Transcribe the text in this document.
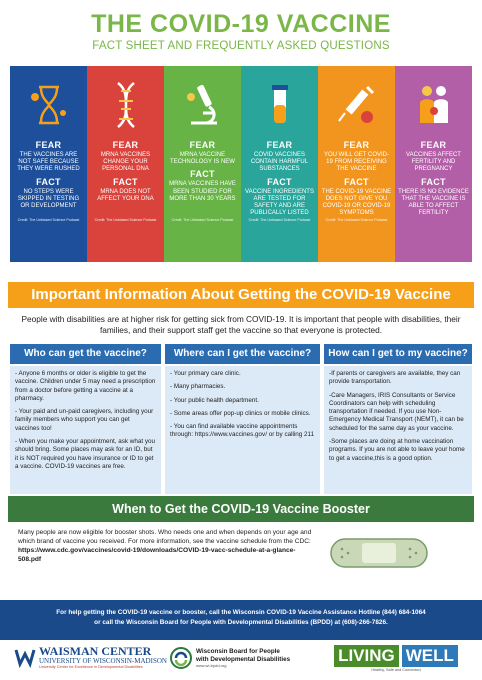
THE COVID-19 VACCINE
FACT SHEET AND FREQUENTLY ASKED QUESTIONS
FEAR
THE VACCINES ARE NOT SAFE BECAUSE THEY WERE RUSHED
FACT
NO STEPS WERE SKIPPED IN TESTING OR DEVELOPMENT
Credit: The Unbiased Science Podcast
FEAR
MRNA VACCINES CHANGE YOUR PERSONAL DNA
FACT
MRNA DOES NOT AFFECT YOUR DNA
Credit: The Unbiased Science Podcast
FEAR
MRNA VACCINE TECHNOLOGY IS NEW
FACT
MRNA VACCINES HAVE BEEN STUDIED FOR MORE THAN 30 YEARS
Credit: The Unbiased Science Podcast
FEAR
COVID VACCINES CONTAIN HARMFUL SUBSTANCES
FACT
VACCINE INGREDIENTS ARE TESTED FOR SAFETY AND ARE PUBLICALLY LISTED
Credit: The Unbiased Science Podcast
FEAR
YOU WILL GET COVID-19 FROM RECEIVING THE VACCINE
FACT
THE COVID-19 VACCINE DOES NOT GIVE YOU COVID-19 OR COVID-19 SYMPTOMS
Credit: The Unbiased Science Podcast
FEAR
VACCINES AFFECT FERTILITY AND PREGNANCY
FACT
THERE IS NO EVIDENCE THAT THE VACCINE IS ABLE TO AFFECT FERTILITY
Important Information About Getting the COVID-19 Vaccine
People with disabilities are at higher risk for getting sick from COVID-19. It is important that people with disabilities, their families, and their support staff get the vaccine so that everyone is protected.
Who can get the vaccine?	Where can I get the vaccine?	How can I get to my vaccine?

- Anyone 6 months or older is eligible to get the vaccine. Children under 5 may need a prescription from a doctor before getting a vaccine at a pharmacy.

- Your paid and un-paid caregivers, including your family members who support you can get vaccines too!

- When you make your appointment, ask what you should bring. Some places may ask for an ID, but it is NOT required you have insurance or ID to get a vaccine. COVID-19 vaccines are free.

- Your primary care clinic.

- Many pharmacies.

- Your public health department.

- Some areas offer pop-up clinics or mobile clinics.

- You can find available vaccine appointments through: https://www.vaccines.gov/ or by calling 211

-If parents or caregivers are available, they can provide transportation.

-Care Managers, IRIS Consultants or Service Coordinators can help with scheduling transportation if needed. If you use Non-Emergency Medical Transport (NEMT), it can be scheduled for the same day as your vaccine.

-Some places are doing at home vaccination programs. If you are not able to leave your home to get a vaccine,this is a good option.

When to Get the COVID-19 Vaccine Booster
Many people are now eligible for booster shots. Who needs one and when depends on your age and which brand of vaccine you received. For more information, see the vaccine schedule from the CDC:
https://www.cdc.gov/vaccines/covid-19/downloads/COVID-19-vacc-schedule-at-a-glance-508.pdf
For help getting the COVID-19 vaccine or booster, call the Wisconsin COVID-19 Vaccine Assistance Hotline (844) 684-1064
or call the Wisconsin Board for People with Developmental Disabilities (BPDD) at (608)-266-7826.
WAISMAN CENTER
UNIVERSITY OF WISCONSIN-MADISON
University Center for Excellence in Developmental Disabilities
Wisconsin Board for People
with Developmental Disabilities
www.wi-bpdd.org
LIVING WELL
Healthy, Safe and Connected
